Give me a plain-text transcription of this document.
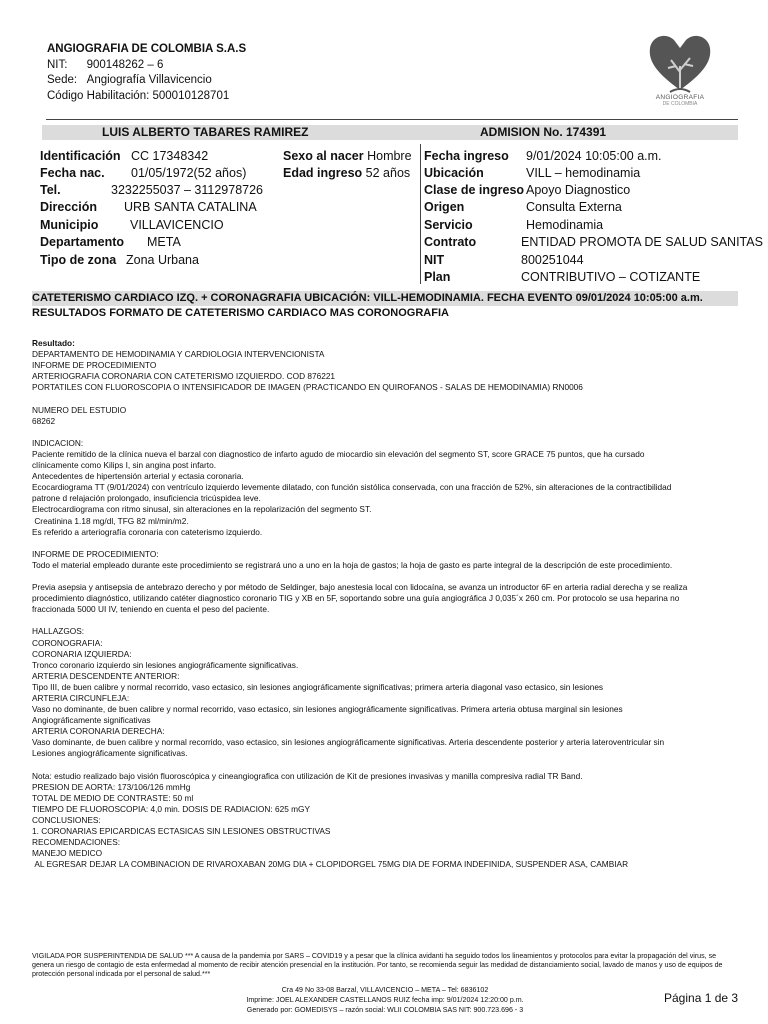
ANGIOGRAFIA DE COLOMBIA S.A.S
NIT: 900148262 – 6
Sede: Angiografía Villavicencio
Código Habilitación: 500010128701	ANGIOGRAFIA
DE COLOMBIA
LUIS ALBERTO TABARES RAMIREZ	ADMISION No. 174391
Identificación CC 17348342
Fecha nac. 01/05/1972(52 años)
Tel.	3232255037 – 3112978726
Dirección URB SANTA CATALINA
Municipio	VILLAVICENCIO
Departamento META
Tipo de zona Zona Urbana
Sexo al nacer Hombre
Edad ingreso 52 años
Fecha ingreso 9/01/2024 10:05:00 a.m.
Ubicación	VILL – hemodinamia
Clase de ingreso Apoyo Diagnostico
Origen	Consulta Externa
Servicio	Hemodinamia
Contrato	ENTIDAD PROMOTA DE SALUD SANITAS
NIT	800251044
Plan	CONTRIBUTIVO – COTIZANTE
CATETERISMO CARDIACO IZQ. + CORONAGRAFIA UBICACIÓN: VILL-HEMODINAMIA. FECHA EVENTO 09/01/2024 10:05:00 a.m.
RESULTADOS FORMATO DE CATETERISMO CARDIACO MAS CORONOGRAFIA
Resultado:
DEPARTAMENTO DE HEMODINAMIA Y CARDIOLOGIA INTERVENCIONISTA
INFORME DE PROCEDIMIENTO
ARTERIOGRAFIA CORONARIA CON CATETERISMO IZQUIERDO. COD 876221
PORTATILES CON FLUOROSCOPIA O INTENSIFICADOR DE IMAGEN (PRACTICANDO EN QUIROFANOS - SALAS DE HEMODINAMIA) RN0006

NUMERO DEL ESTUDIO
68262

INDICACION:
Paciente remitido de la clínica nueva el barzal con diagnostico de infarto agudo de miocardio sin elevación del segmento ST, score GRACE 75 puntos, que ha cursado
clínicamente como Kilips I, sin angina post infarto.
Antecedentes de hipertensión arterial y ectasia coronaria.
Ecocardiograma TT (9/01/2024) con ventrículo izquierdo levemente dilatado, con función sistólica conservada, con una fracción de 52%, sin alteraciones de la contractibilidad
patrone d relajación prolongado, insuficiencia tricúspidea leve.
Electrocardiograma con ritmo sinusal, sin alteraciones en la repolarización del segmento ST.
Creatinina 1.18 mg/dl, TFG 82 ml/min/m2.
Es referido a arteriografía coronaria con cateterismo izquierdo.

INFORME DE PROCEDIMIENTO:
Todo el material empleado durante este procedimiento se registrará uno a uno en la hoja de gastos; la hoja de gasto es parte integral de la descripción de este procedimiento.

Previa asepsia y antisepsia de antebrazo derecho y por método de Seldinger, bajo anestesia local con lidocaína, se avanza un introductor 6F en arteria radial derecha y se realiza
procedimiento diagnóstico, utilizando catéter diagnostico coronario TIG y XB en 5F, soportando sobre una guía angiográfica J 0,035´x 260 cm. Por protocolo se usa heparina no
fraccionada 5000 UI IV, teniendo en cuenta el peso del paciente.

HALLAZGOS:
CORONOGRAFIA:
CORONARIA IZQUIERDA:
Tronco coronario izquierdo sin lesiones angiográficamente significativas.
ARTERIA DESCENDENTE ANTERIOR:
Tipo III, de buen calibre y normal recorrido, vaso ectasico, sin lesiones angiográficamente significativas; primera arteria diagonal vaso ectasico, sin lesiones
ARTERIA CIRCUNFLEJA:
Vaso no dominante, de buen calibre y normal recorrido, vaso ectasico, sin lesiones angiográficamente significativas. Primera arteria obtusa marginal sin lesiones
Angiográficamente significativas
ARTERIA CORONARIA DERECHA:
Vaso dominante, de buen calibre y normal recorrido, vaso ectasico, sin lesiones angiográficamente significativas. Arteria descendente posterior y arteria lateroventricular sin
Lesiones angiográficamente significativas.

Nota: estudio realizado bajo visión fluoroscópica y cineangiografica con utilización de Kit de presiones invasivas y manilla compresiva radial TR Band.
PRESION DE AORTA: 173/106/126 mmHg
TOTAL DE MEDIO DE CONTRASTE: 50 ml
TIEMPO DE FLUOROSCOPIA: 4,0 min. DOSIS DE RADIACION: 625 mGY
CONCLUSIONES:
1. CORONARIAS EPICARDICAS ECTASICAS SIN LESIONES OBSTRUCTIVAS
RECOMENDACIONES:
MANEJO MEDICO
AL EGRESAR DEJAR LA COMBINACION DE RIVAROXABAN 20MG DIA + CLOPIDORGEL 75MG DIA DE FORMA INDEFINIDA, SUSPENDER ASA, CAMBIAR
VIGILADA POR SUSPERINTENDIA DE SALUD *** A causa de la pandemia por SARS – COVID19 y a pesar que la clínica avidanti ha seguido todos los lineamientos y protocolos para evitar la propagación del virus, se genera un riesgo de contagio de esta enfermedad al momento de recibir atención presencial en la institución. Por tanto, se recomienda seguir las medidad de distanciamiento social, lavado de manos y uso de equipos de protección personal indicada por el personal de salud.***
Cra 49 No 33-08 Barzal, VILLAVICENCIO – META – Tel: 6836102
Imprime: JOEL ALEXANDER CASTELLANOS RUIZ fecha imp: 9/01/2024 12:20:00 p.m.
Generado por: GOMEDISYS – razón social: WLII COLOMBIA SAS NIT: 900.723.696 - 3
Página 1 de 3
